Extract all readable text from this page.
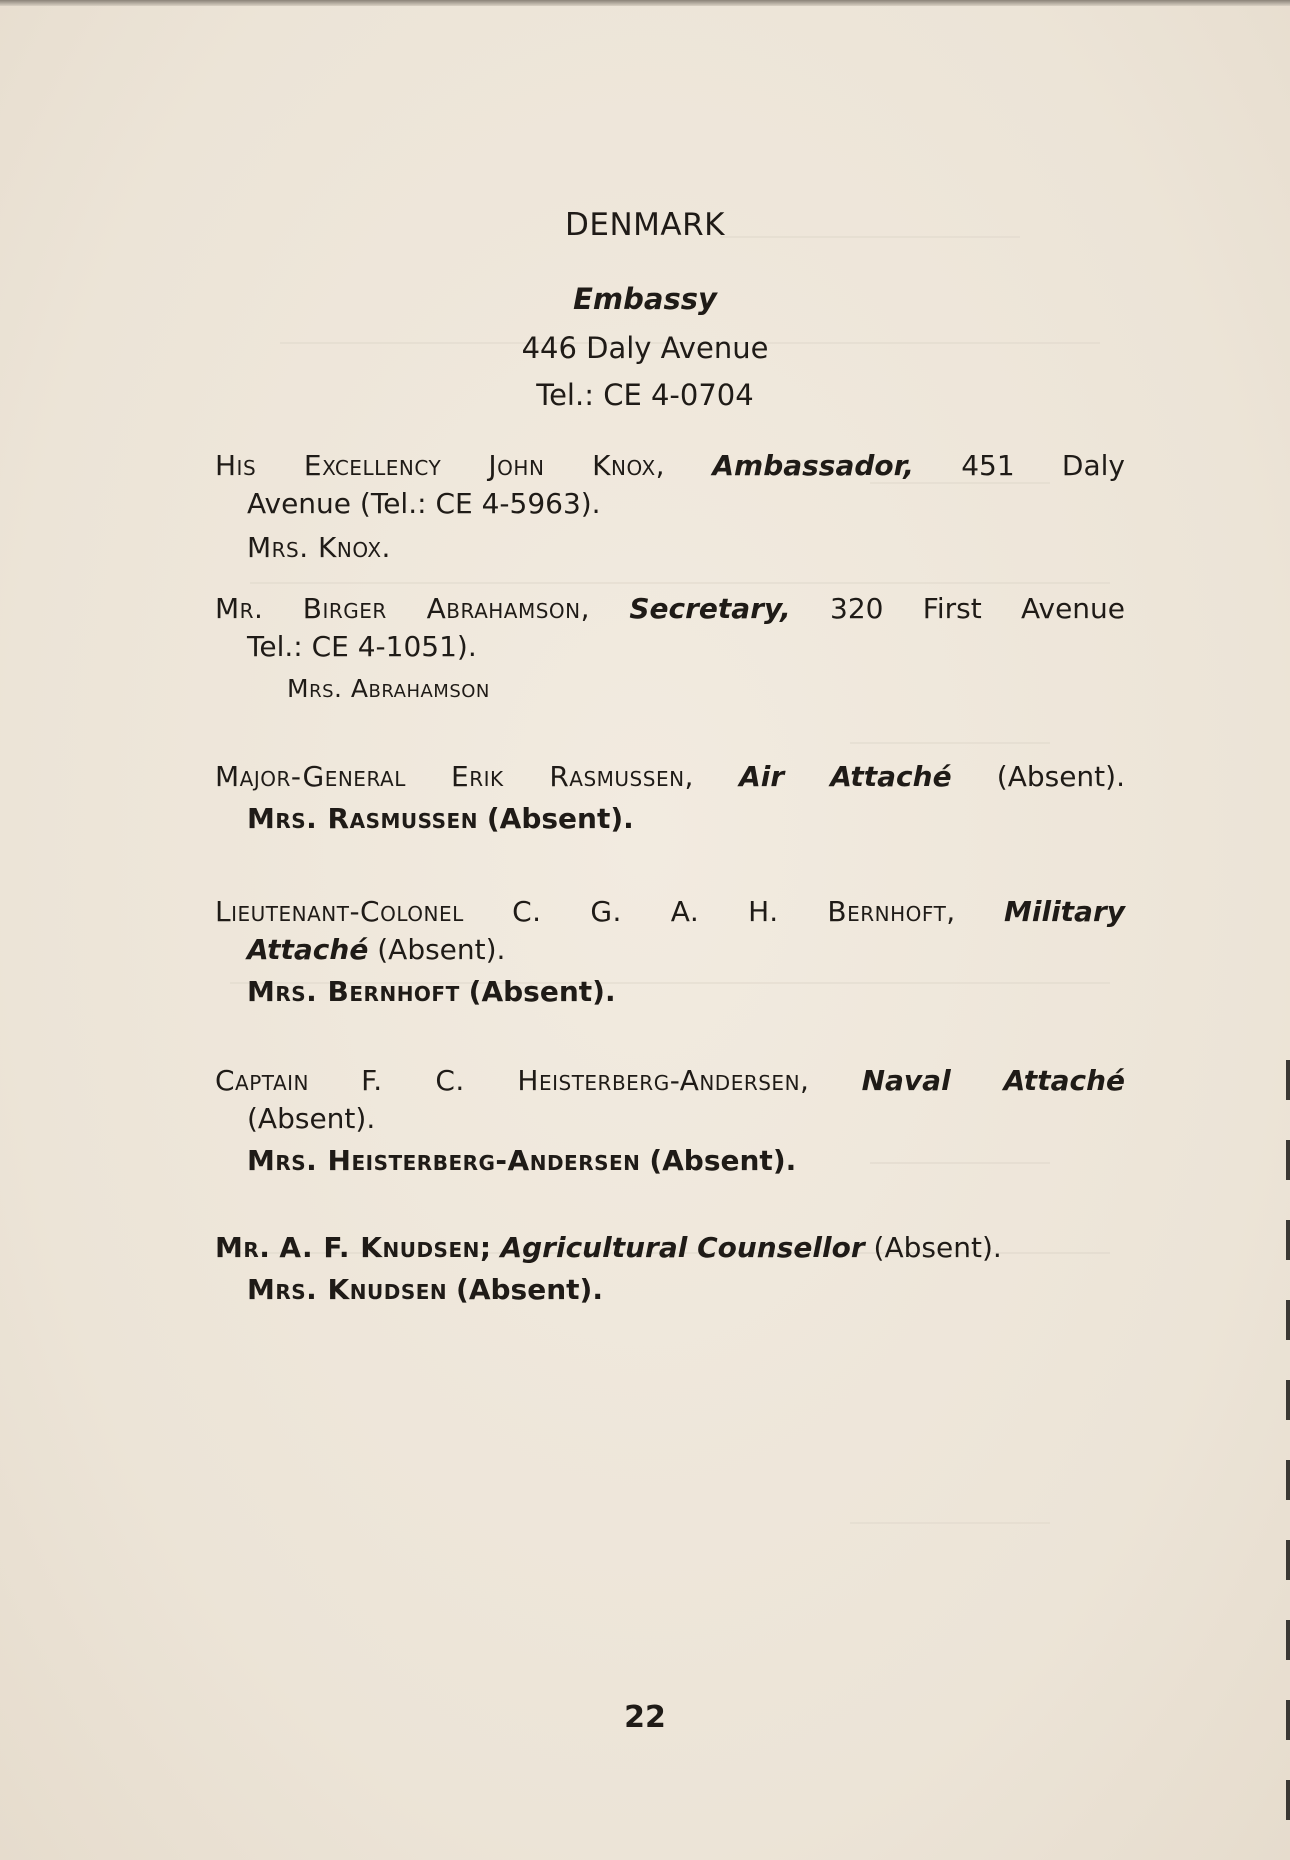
DENMARK
Embassy
446 Daly Avenue
Tel.: CE 4-0704
His Excellency John Knox, Ambassador, 451 Daly
Avenue (Tel.: CE 4-5963).
Mrs. Knox.
Mr. Birger Abrahamson, Secretary, 320 First Avenue
Tel.: CE 4-1051).
Mrs. Abrahamson
Major-General Erik Rasmussen, Air Attaché (Absent).
Mrs. Rasmussen (Absent).
Lieutenant-Colonel C. G. A. H. Bernhoft, Military
Attaché (Absent).
Mrs. Bernhoft (Absent).
Captain F. C. Heisterberg-Andersen, Naval Attaché
(Absent).
Mrs. Heisterberg-Andersen (Absent).
Mr. A. F. Knudsen; Agricultural Counsellor (Absent).
Mrs. Knudsen (Absent).
22
